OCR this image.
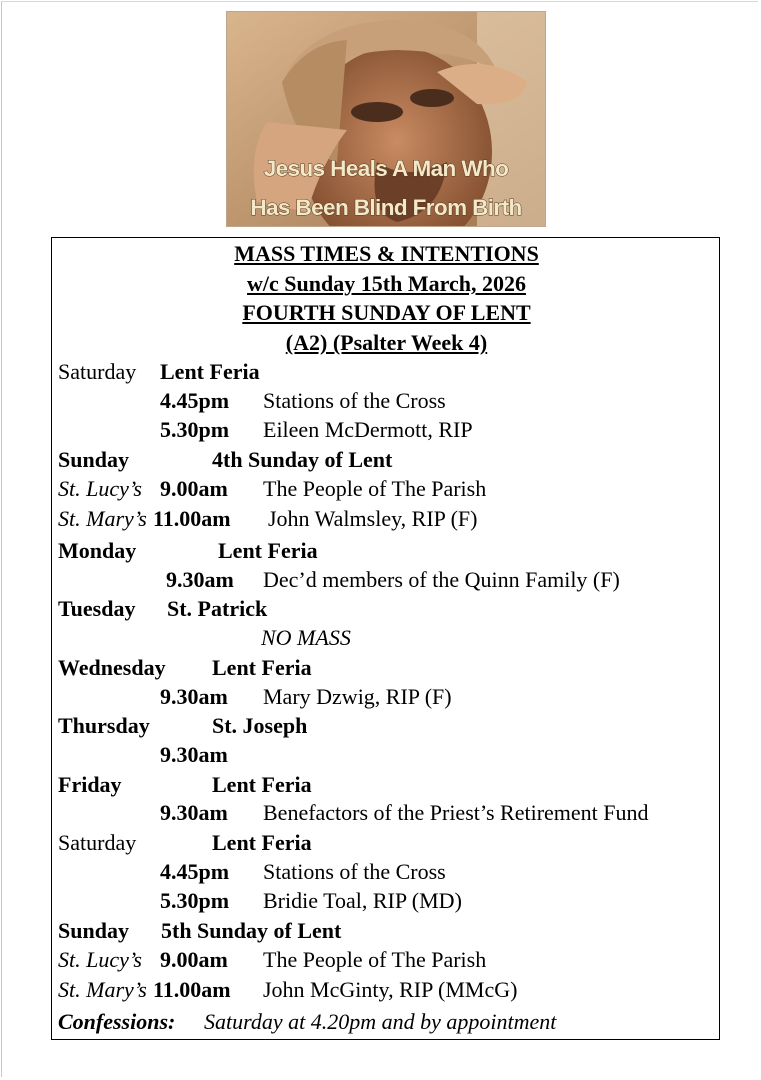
Jesus Heals A Man Who
Has Been Blind From Birth
MASS TIMES & INTENTIONS
w/c Sunday 15th March, 2026
FOURTH SUNDAY OF LENT
(A2) (Psalter Week 4)
Saturday Lent Feria
4.45pm Stations of the Cross
5.30pm Eileen McDermott, RIP
Sunday	4th Sunday of Lent
St. Lucy’s 9.00am The People of The Parish
St. Mary’s 11.00am John Walmsley, RIP (F)
Monday	Lent Feria
9.30am Dec’d members of the Quinn Family (F)
Tuesday St. Patrick
NO MASS
Wednesday Lent Feria
9.30am Mary Dzwig, RIP (F)
Thursday	St. Joseph
9.30am
Friday	Lent Feria
9.30am Benefactors of the Priest’s Retirement Fund
Saturday	Lent Feria
4.45pm Stations of the Cross
5.30pm Bridie Toal, RIP (MD)
Sunday 5th Sunday of Lent
St. Lucy’s 9.00am The People of The Parish
St. Mary’s 11.00am John McGinty, RIP (MMcG)
Confessions: Saturday at 4.20pm and by appointment
